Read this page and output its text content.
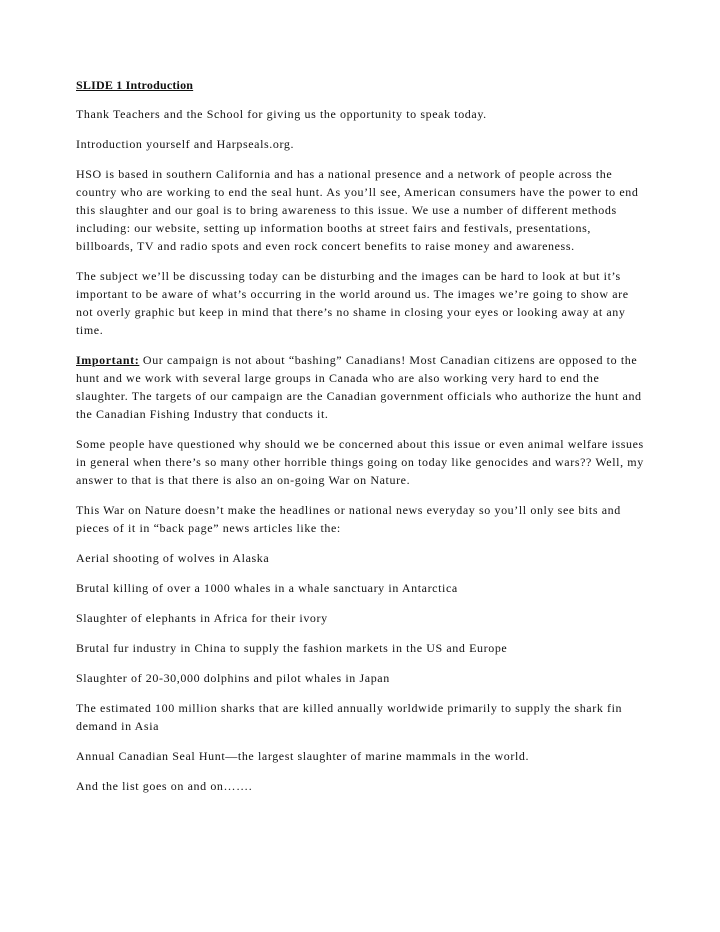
SLIDE 1 Introduction

Thank Teachers and the School for giving us the opportunity to speak today.

Introduction yourself and Harpseals.org.

HSO is based in southern California and has a national presence and a network of people across the country who are working to end the seal hunt. As you’ll see, American consumers have the power to end this slaughter and our goal is to bring awareness to this issue. We use a number of different methods including: our website, setting up information booths at street fairs and festivals, presentations, billboards, TV and radio spots and even rock concert benefits to raise money and awareness.

The subject we’ll be discussing today can be disturbing and the images can be hard to look at but it’s important to be aware of what’s occurring in the world around us. The images we’re going to show are not overly graphic but keep in mind that there’s no shame in closing your eyes or looking away at any time.

Important: Our campaign is not about “bashing” Canadians! Most Canadian citizens are opposed to the hunt and we work with several large groups in Canada who are also working very hard to end the slaughter. The targets of our campaign are the Canadian government officials who authorize the hunt and the Canadian Fishing Industry that conducts it.

Some people have questioned why should we be concerned about this issue or even animal welfare issues in general when there’s so many other horrible things going on today like genocides and wars?? Well, my answer to that is that there is also an on-going War on Nature.

This War on Nature doesn’t make the headlines or national news everyday so you’ll only see bits and pieces of it in “back page” news articles like the:

Aerial shooting of wolves in Alaska

Brutal killing of over a 1000 whales in a whale sanctuary in Antarctica

Slaughter of elephants in Africa for their ivory

Brutal fur industry in China to supply the fashion markets in the US and Europe

Slaughter of 20-30,000 dolphins and pilot whales in Japan

The estimated 100 million sharks that are killed annually worldwide primarily to supply the shark fin demand in Asia

Annual Canadian Seal Hunt—the largest slaughter of marine mammals in the world.

And the list goes on and on…….
